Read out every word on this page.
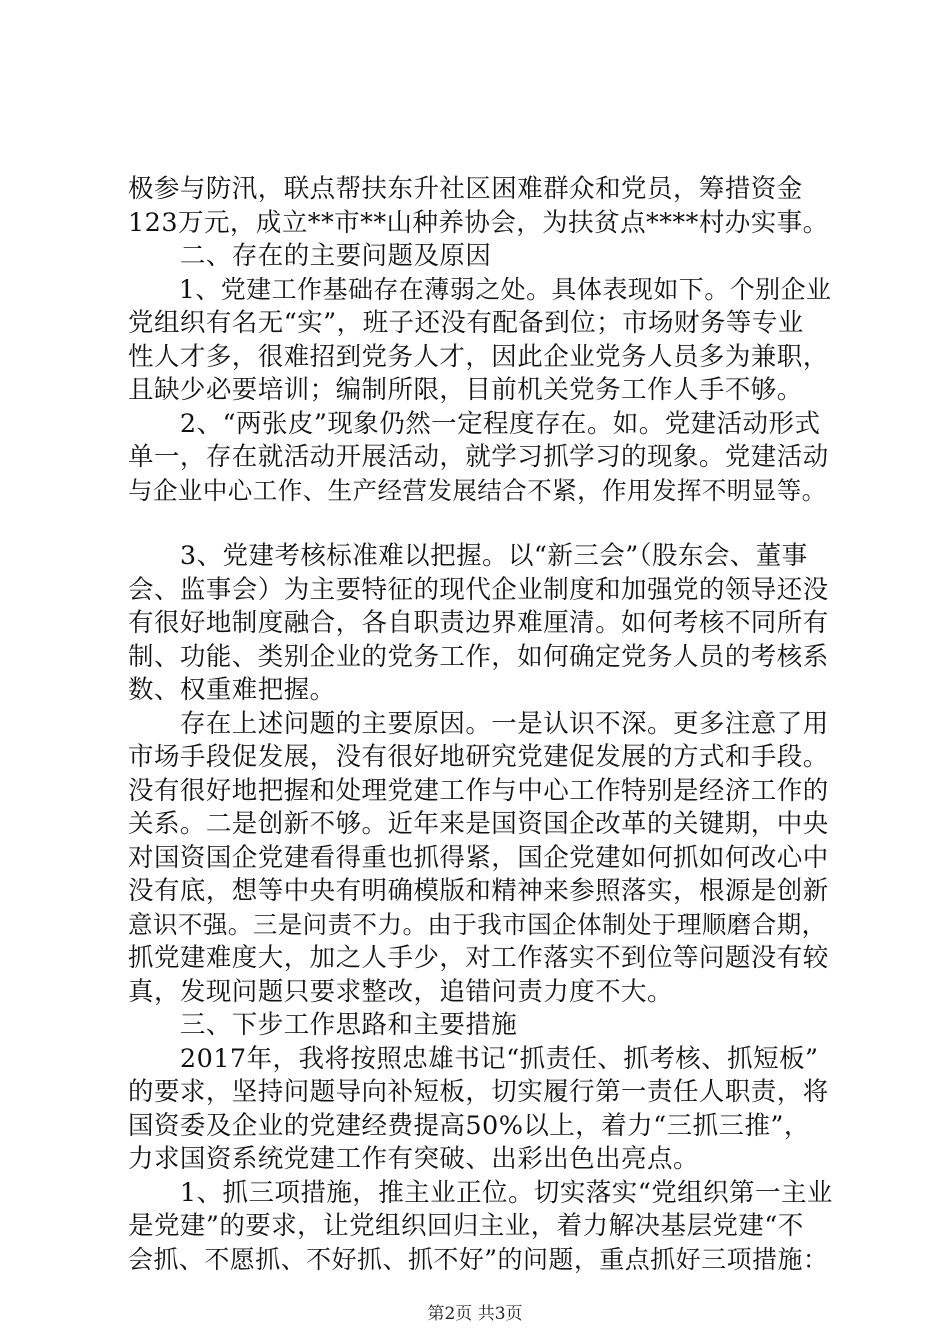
极参与防汛，联点帮扶东升社区困难群众和党员，筹措资金
123万元，成立**市**山种养协会，为扶贫点****村办实事。
　　二、存在的主要问题及原因
　　1、党建工作基础存在薄弱之处。具体表现如下。个别企业
党组织有名无“实”，班子还没有配备到位；市场财务等专业
性人才多，很难招到党务人才，因此企业党务人员多为兼职，
且缺少必要培训；编制所限，目前机关党务工作人手不够。
　　2、“两张皮”现象仍然一定程度存在。如。党建活动形式
单一，存在就活动开展活动，就学习抓学习的现象。党建活动
与企业中心工作、生产经营发展结合不紧，作用发挥不明显等。
　　3、党建考核标准难以把握。以“新三会”（股东会、董事
会、监事会）为主要特征的现代企业制度和加强党的领导还没
有很好地制度融合，各自职责边界难厘清。如何考核不同所有
制、功能、类别企业的党务工作，如何确定党务人员的考核系
数、权重难把握。
　　存在上述问题的主要原因。一是认识不深。更多注意了用
市场手段促发展，没有很好地研究党建促发展的方式和手段。
没有很好地把握和处理党建工作与中心工作特别是经济工作的
关系。二是创新不够。近年来是国资国企改革的关键期，中央
对国资国企党建看得重也抓得紧，国企党建如何抓如何改心中
没有底，想等中央有明确模版和精神来参照落实，根源是创新
意识不强。三是问责不力。由于我市国企体制处于理顺磨合期，
抓党建难度大，加之人手少，对工作落实不到位等问题没有较
真，发现问题只要求整改，追错问责力度不大。
　　三、下步工作思路和主要措施
　　2017年，我将按照忠雄书记“抓责任、抓考核、抓短板”
的要求，坚持问题导向补短板，切实履行第一责任人职责，将
国资委及企业的党建经费提高50%以上，着力“三抓三推”，
力求国资系统党建工作有突破、出彩出色出亮点。
　　1、抓三项措施，推主业正位。切实落实“党组织第一主业
是党建”的要求，让党组织回归主业，着力解决基层党建“不
会抓、不愿抓、不好抓、抓不好”的问题，重点抓好三项措施：
第2页 共3页
